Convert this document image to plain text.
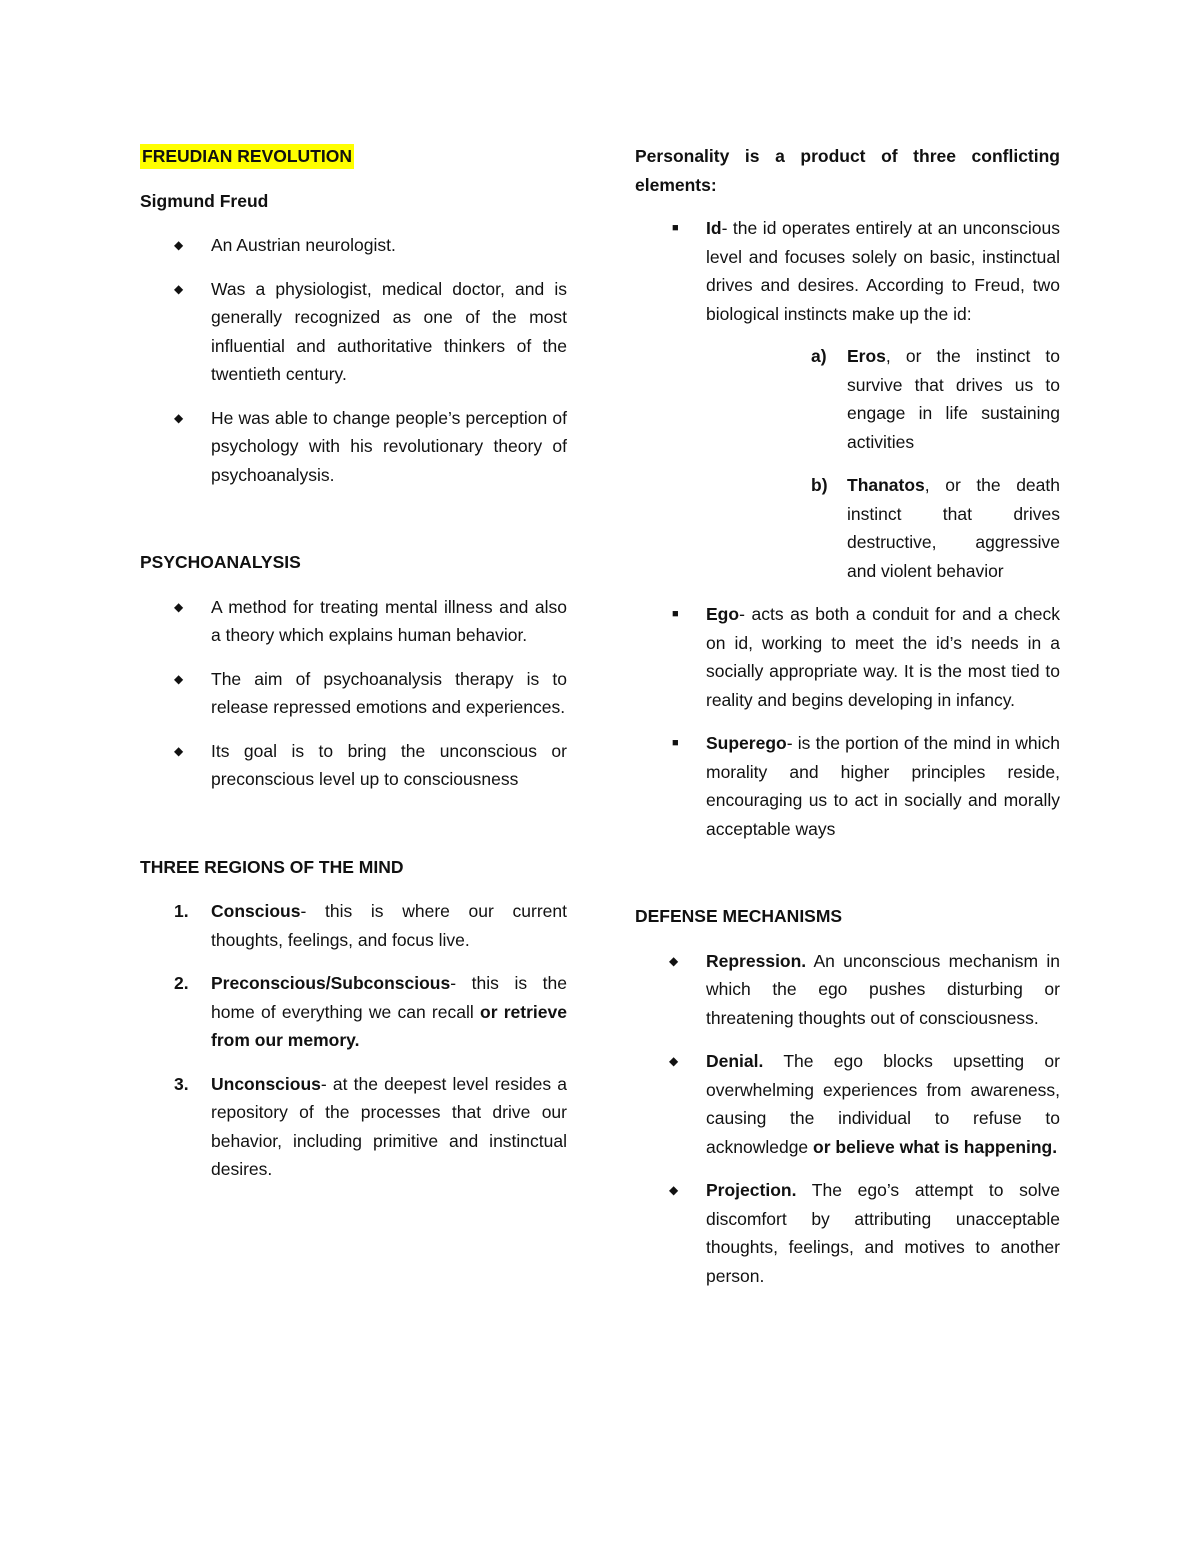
FREUDIAN REVOLUTION

Sigmund Freud

◆ An Austrian neurologist.
◆ Was a physiologist, medical doctor, and is generally recognized as one of the most influential and authoritative thinkers of the twentieth century.
◆ He was able to change people’s perception of psychology with his revolutionary theory of psychoanalysis.

PSYCHOANALYSIS

◆ A method for treating mental illness and also a theory which explains human behavior.
◆ The aim of psychoanalysis therapy is to release repressed emotions and experiences.
◆ Its goal is to bring the unconscious or preconscious level up to consciousness

THREE REGIONS OF THE MIND

1. Conscious- this is where our current thoughts, feelings, and focus live.
2. Preconscious/Subconscious- this is the home of everything we can recall or retrieve from our memory.
3. Unconscious- at the deepest level resides a repository of the processes that drive our behavior, including primitive and instinctual desires.

Personality is a product of three conflicting elements:

■ Id- the id operates entirely at an unconscious level and focuses solely on basic, instinctual drives and desires. According to Freud, two biological instincts make up the id:
a) Eros, or the instinct to survive that drives us to engage in life sustaining activities
b) Thanatos, or the death instinct that drives destructive, aggressive and violent behavior
■ Ego- acts as both a conduit for and a check on id, working to meet the id’s needs in a socially appropriate way. It is the most tied to reality and begins developing in infancy.
■ Superego- is the portion of the mind in which morality and higher principles reside, encouraging us to act in socially and morally acceptable ways

DEFENSE MECHANISMS

◆ Repression. An unconscious mechanism in which the ego pushes disturbing or threatening thoughts out of consciousness.
◆ Denial. The ego blocks upsetting or overwhelming experiences from awareness, causing the individual to refuse to acknowledge or believe what is happening.
◆ Projection. The ego’s attempt to solve discomfort by attributing unacceptable thoughts, feelings, and motives to another person.
